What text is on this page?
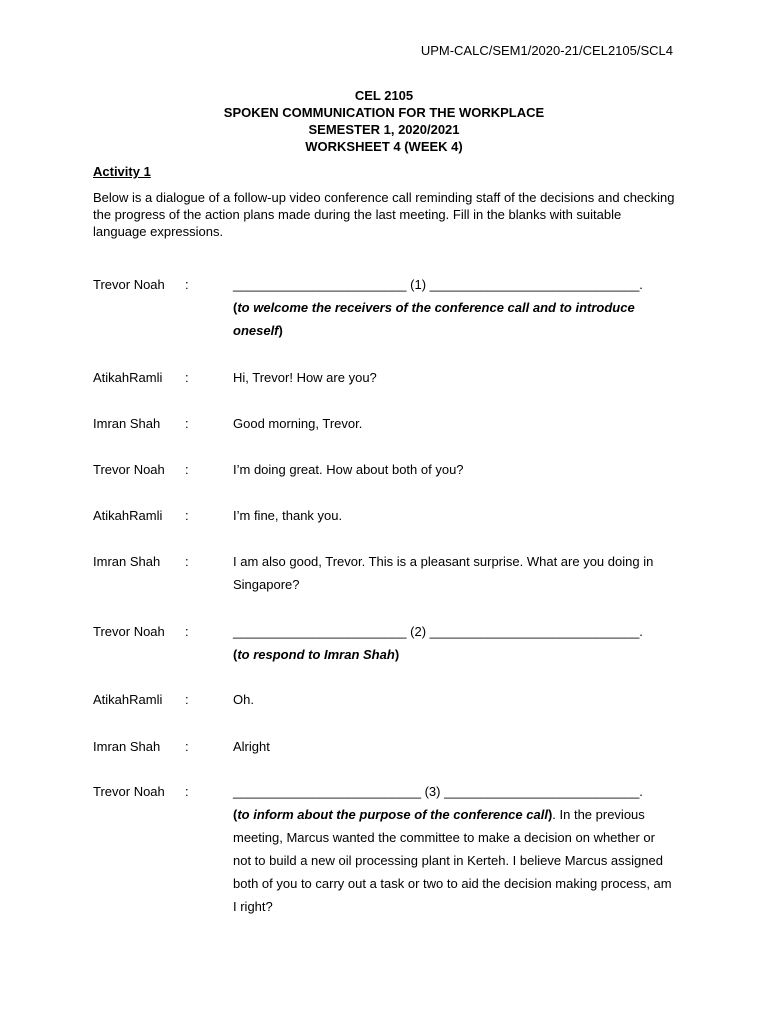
UPM-CALC/SEM1/2020-21/CEL2105/SCL4
CEL 2105
SPOKEN COMMUNICATION FOR THE WORKPLACE
SEMESTER 1, 2020/2021
WORKSHEET 4 (WEEK 4)
Activity 1
Below is a dialogue of a follow-up video conference call reminding staff of the decisions and checking the progress of the action plans made during the last meeting. Fill in the blanks with suitable language expressions.
Trevor Noah	:	________________________ (1) _____________________________.
(to welcome the receivers of the conference call and to introduce oneself)
AtikahRamli	:	Hi, Trevor! How are you?
Imran Shah	:	Good morning, Trevor.
Trevor Noah	:	I’m doing great. How about both of you?
AtikahRamli	:	I’m fine, thank you.
Imran Shah	:	I am also good, Trevor. This is a pleasant surprise. What are you doing in Singapore?
Trevor Noah	:	________________________ (2) _____________________________.
(to respond to Imran Shah)
AtikahRamli	:	Oh.
Imran Shah	:	Alright
Trevor Noah	:	__________________________ (3) ___________________________.
(to inform about the purpose of the conference call). In the previous meeting, Marcus wanted the committee to make a decision on whether or not to build a new oil processing plant in Kerteh. I believe Marcus assigned both of you to carry out a task or two to aid the decision making process, am I right?
